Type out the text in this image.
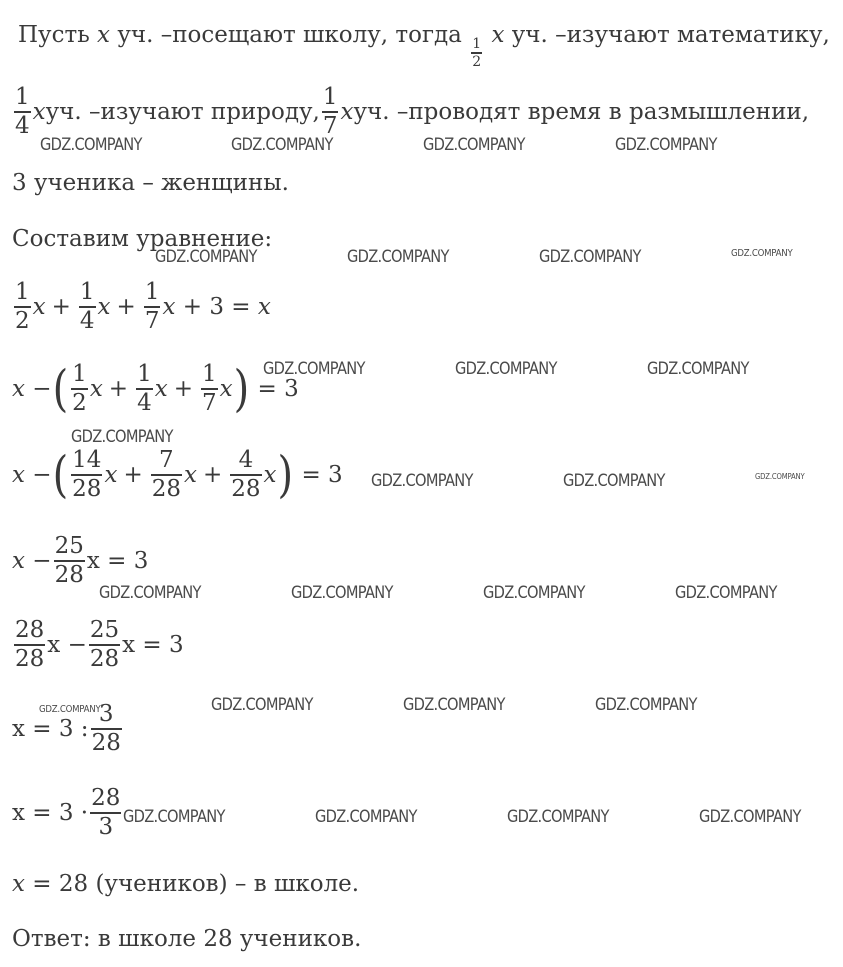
Пусть x уч. –посещают школу, тогда
$\frac{1}{2}$
x уч. –изучают математику,
$\frac{1}{4}$ x уч. –изучают природу, $\frac{1}{7}$ x уч. –проводят время в размышлении,
3 ученика – женщины.
Составим уравнение:
$\frac{1}{2}$ $x + \frac{1}{4}$ $x + \frac{1}{7}$ x
+ 3 =
x
x − ( $\frac{1}{2}$ $x + \frac{1}{4}$ $x + \frac{1}{7}$ x )
= 3
x − ( $\frac{14}{28}$ $x + \frac{7}{28}$ $x + \frac{4}{28}$ x )
= 3
$x - \frac{25}{28}$ x = 3
$\frac{28}{28}$ $x - \frac{25}{28}$ x = 3
x = 3 : $\frac{3}{28}$
$x = 3 \cdot \frac{28}{3}$
x = 28 (учеников) – в школе.
Ответ: в школе 28 учеников.
GDZ.COMPANY	GDZ.COMPANY	GDZ.COMPANY	GDZ.COMPANY
GDZ.COMPANY	GDZ.COMPANY	GDZ.COMPANY	GDZ.COMPANY
GDZ.COMPANY	GDZ.COMPANY	GDZ.COMPANY
GDZ.COMPANY
GDZ.COMPANY	GDZ.COMPANY	GDZ.COMPANY
GDZ.COMPANY	GDZ.COMPANY	GDZ.COMPANY	GDZ.COMPANY
GDZ.COMPANY	GDZ.COMPANY	GDZ.COMPANY	GDZ.COMPANY
GDZ.COMPANY	GDZ.COMPANY	GDZ.COMPANY	GDZ.COMPANY
